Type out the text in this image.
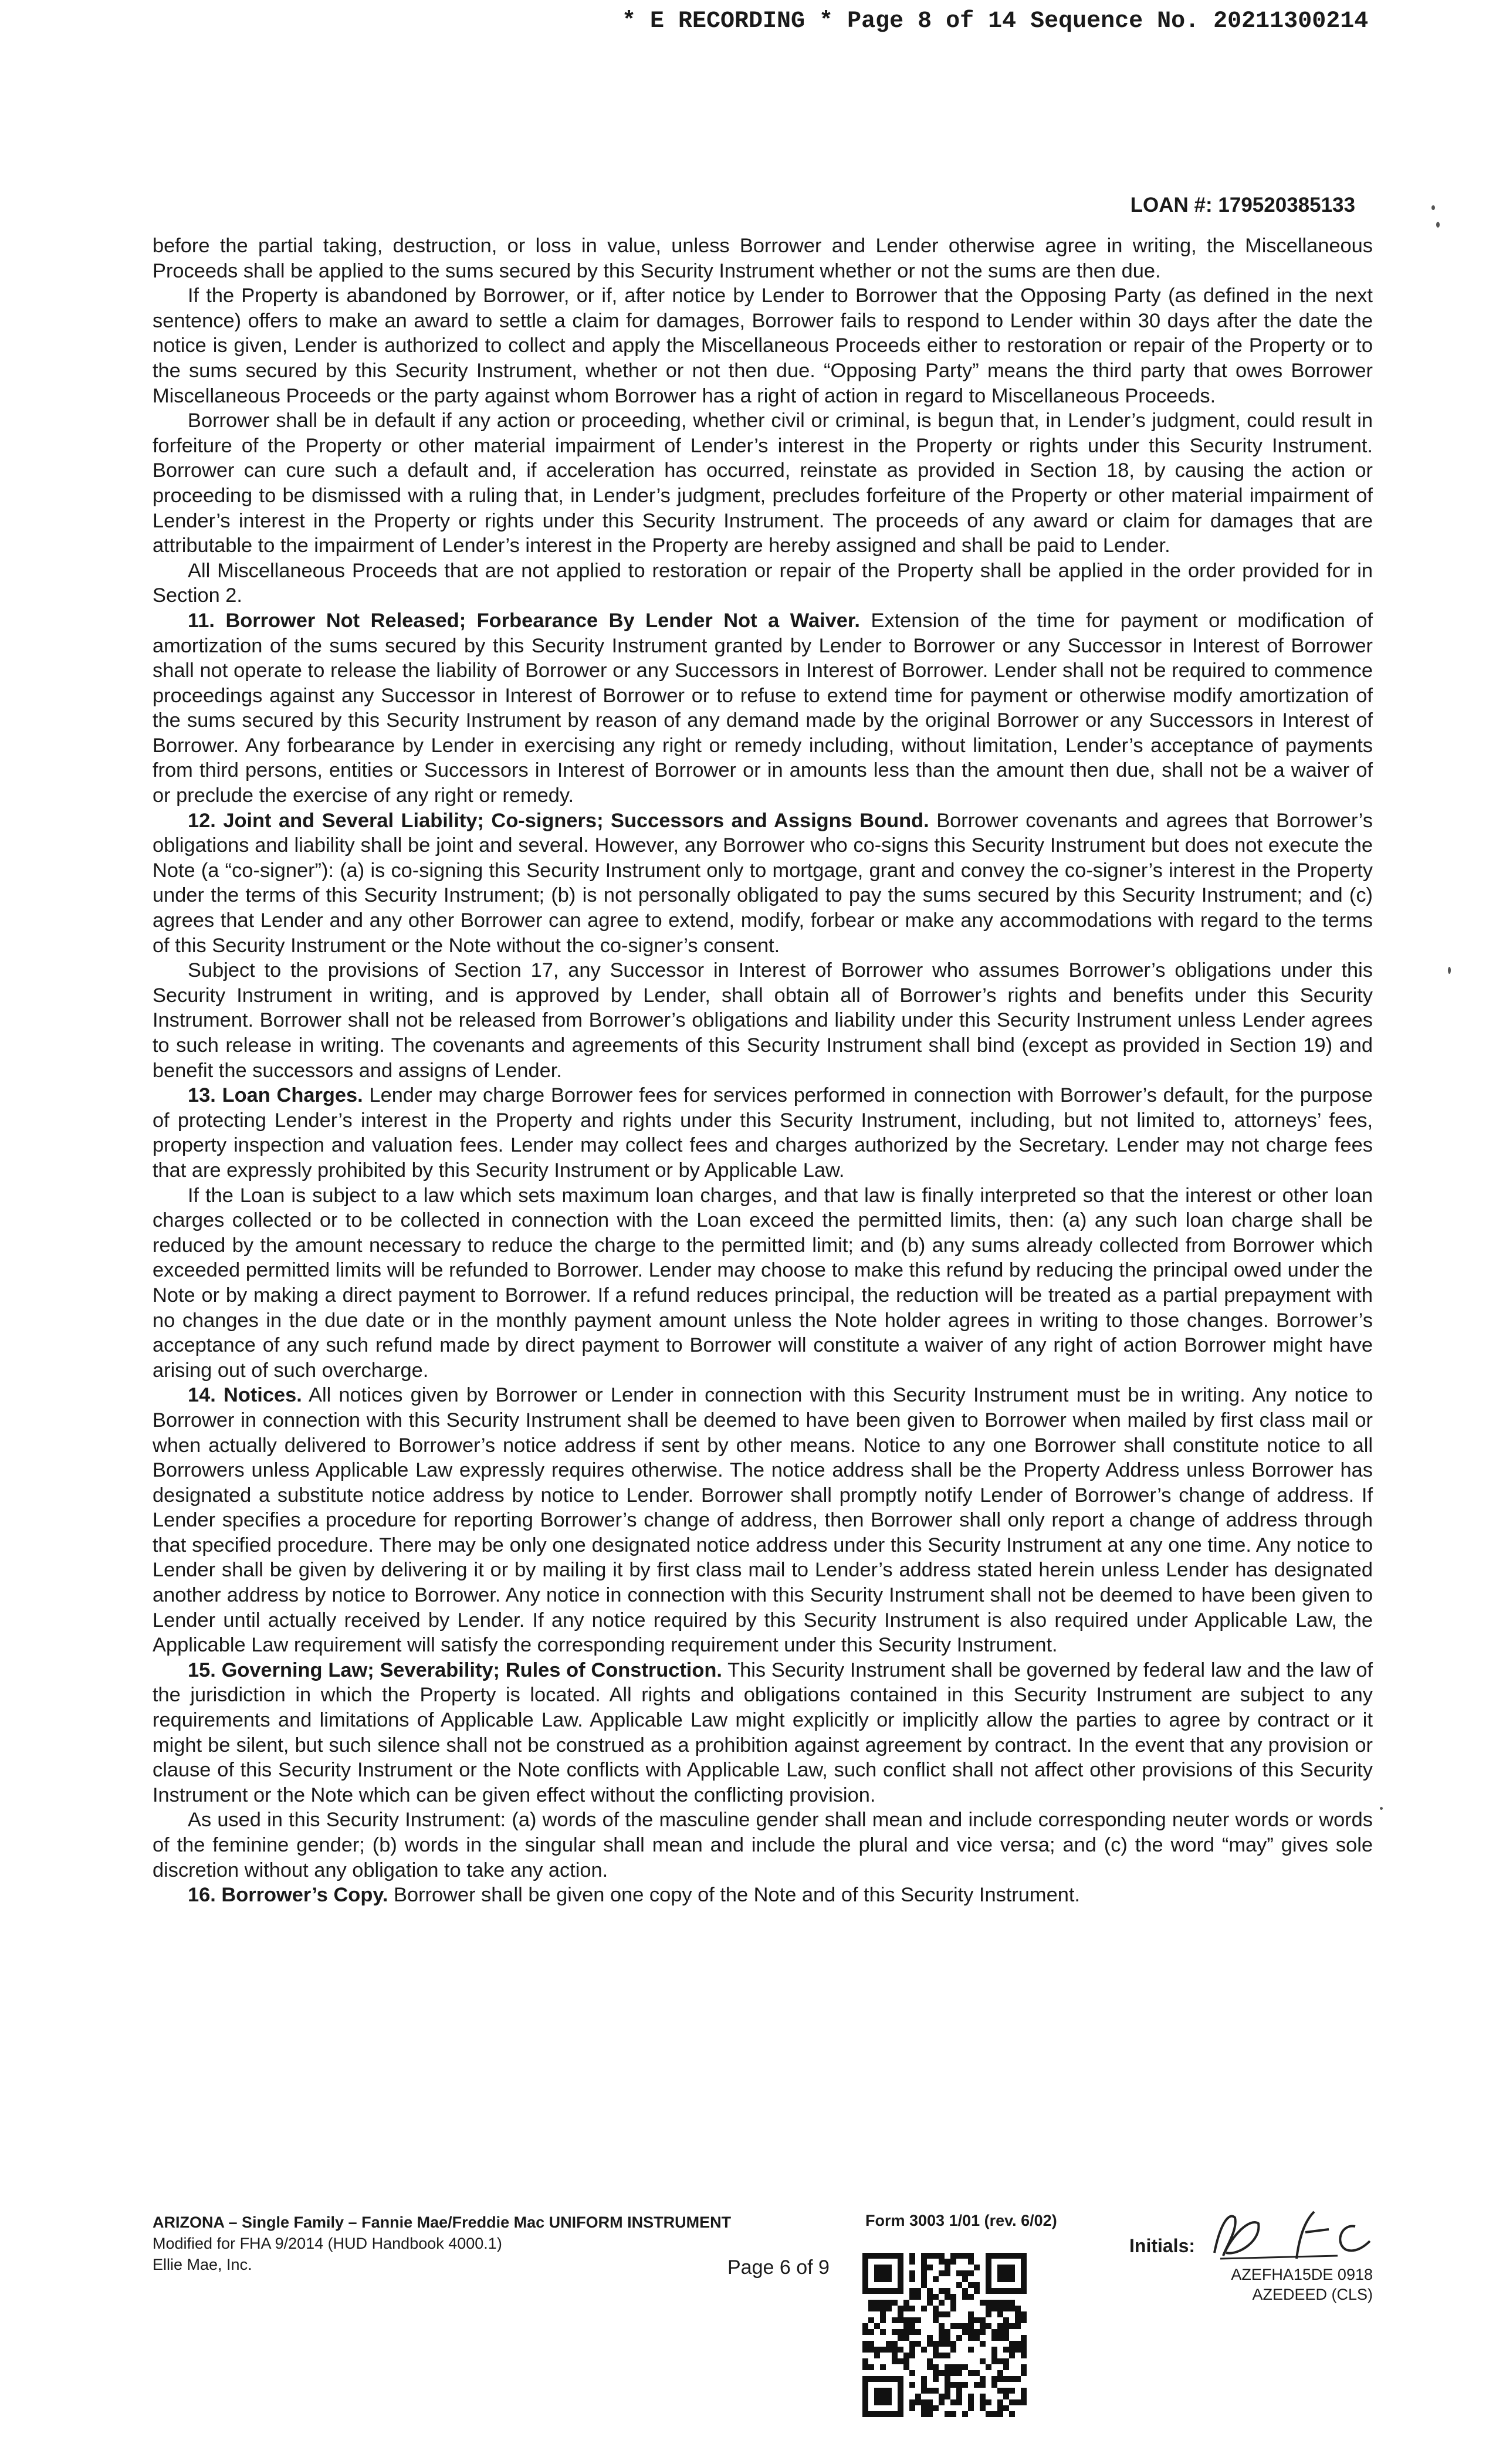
* E RECORDING * Page 8 of 14 Sequence No. 20211300214
LOAN #: 179520385133

before the partial taking, destruction, or loss in value, unless Borrower and Lender otherwise agree in writing, the Miscellaneous Proceeds shall be applied to the sums secured by this Security Instrument whether or not the sums are then due.

If the Property is abandoned by Borrower, or if, after notice by Lender to Borrower that the Opposing Party (as defined in the next sentence) offers to make an award to settle a claim for damages, Borrower fails to respond to Lender within 30 days after the date the notice is given, Lender is authorized to collect and apply the Miscellaneous Proceeds either to restoration or repair of the Property or to the sums secured by this Security Instrument, whether or not then due. “Opposing Party” means the third party that owes Borrower Miscellaneous Proceeds or the party against whom Borrower has a right of action in regard to Miscellaneous Proceeds.

Borrower shall be in default if any action or proceeding, whether civil or criminal, is begun that, in Lender’s judgment, could result in forfeiture of the Property or other material impairment of Lender’s interest in the Property or rights under this Security Instrument. Borrower can cure such a default and, if acceleration has occurred, reinstate as provided in Section 18, by causing the action or proceeding to be dismissed with a ruling that, in Lender’s judgment, precludes forfeiture of the Property or other material impairment of Lender’s interest in the Property or rights under this Security Instrument. The proceeds of any award or claim for damages that are attributable to the impairment of Lender’s interest in the Property are hereby assigned and shall be paid to Lender.

All Miscellaneous Proceeds that are not applied to restoration or repair of the Property shall be applied in the order provided for in Section 2.

11. Borrower Not Released; Forbearance By Lender Not a Waiver. Extension of the time for payment or modification of amortization of the sums secured by this Security Instrument granted by Lender to Borrower or any Successor in Interest of Borrower shall not operate to release the liability of Borrower or any Successors in Interest of Borrower. Lender shall not be required to commence proceedings against any Successor in Interest of Borrower or to refuse to extend time for payment or otherwise modify amortization of the sums secured by this Security Instrument by reason of any demand made by the original Borrower or any Successors in Interest of Borrower. Any forbearance by Lender in exercising any right or remedy including, without limitation, Lender’s acceptance of payments from third persons, entities or Successors in Interest of Borrower or in amounts less than the amount then due, shall not be a waiver of or preclude the exercise of any right or remedy.

12. Joint and Several Liability; Co-signers; Successors and Assigns Bound. Borrower covenants and agrees that Borrower’s obligations and liability shall be joint and several. However, any Borrower who co-signs this Security Instrument but does not execute the Note (a “co-signer”): (a) is co-signing this Security Instrument only to mortgage, grant and convey the co-signer’s interest in the Property under the terms of this Security Instrument; (b) is not personally obligated to pay the sums secured by this Security Instrument; and (c) agrees that Lender and any other Borrower can agree to extend, modify, forbear or make any accommodations with regard to the terms of this Security Instrument or the Note without the co-signer’s consent.

Subject to the provisions of Section 17, any Successor in Interest of Borrower who assumes Borrower’s obligations under this Security Instrument in writing, and is approved by Lender, shall obtain all of Borrower’s rights and benefits under this Security Instrument. Borrower shall not be released from Borrower’s obligations and liability under this Security Instrument unless Lender agrees to such release in writing. The covenants and agreements of this Security Instrument shall bind (except as provided in Section 19) and benefit the successors and assigns of Lender.

13. Loan Charges. Lender may charge Borrower fees for services performed in connection with Borrower’s default, for the purpose of protecting Lender’s interest in the Property and rights under this Security Instrument, including, but not limited to, attorneys’ fees, property inspection and valuation fees. Lender may collect fees and charges authorized by the Secretary. Lender may not charge fees that are expressly prohibited by this Security Instrument or by Applicable Law.

If the Loan is subject to a law which sets maximum loan charges, and that law is finally interpreted so that the interest or other loan charges collected or to be collected in connection with the Loan exceed the permitted limits, then: (a) any such loan charge shall be reduced by the amount necessary to reduce the charge to the permitted limit; and (b) any sums already collected from Borrower which exceeded permitted limits will be refunded to Borrower. Lender may choose to make this refund by reducing the principal owed under the Note or by making a direct payment to Borrower. If a refund reduces principal, the reduction will be treated as a partial prepayment with no changes in the due date or in the monthly payment amount unless the Note holder agrees in writing to those changes. Borrower’s acceptance of any such refund made by direct payment to Borrower will constitute a waiver of any right of action Borrower might have arising out of such overcharge.

14. Notices. All notices given by Borrower or Lender in connection with this Security Instrument must be in writing. Any notice to Borrower in connection with this Security Instrument shall be deemed to have been given to Borrower when mailed by first class mail or when actually delivered to Borrower’s notice address if sent by other means. Notice to any one Borrower shall constitute notice to all Borrowers unless Applicable Law expressly requires otherwise. The notice address shall be the Property Address unless Borrower has designated a substitute notice address by notice to Lender. Borrower shall promptly notify Lender of Borrower’s change of address. If Lender specifies a procedure for reporting Borrower’s change of address, then Borrower shall only report a change of address through that specified procedure. There may be only one designated notice address under this Security Instrument at any one time. Any notice to Lender shall be given by delivering it or by mailing it by first class mail to Lender’s address stated herein unless Lender has designated another address by notice to Borrower. Any notice in connection with this Security Instrument shall not be deemed to have been given to Lender until actually received by Lender. If any notice required by this Security Instrument is also required under Applicable Law, the Applicable Law requirement will satisfy the corresponding requirement under this Security Instrument.

15. Governing Law; Severability; Rules of Construction. This Security Instrument shall be governed by federal law and the law of the jurisdiction in which the Property is located. All rights and obligations contained in this Security Instrument are subject to any requirements and limitations of Applicable Law. Applicable Law might explicitly or implicitly allow the parties to agree by contract or it might be silent, but such silence shall not be construed as a prohibition against agreement by contract. In the event that any provision or clause of this Security Instrument or the Note conflicts with Applicable Law, such conflict shall not affect other provisions of this Security Instrument or the Note which can be given effect without the conflicting provision.

As used in this Security Instrument: (a) words of the masculine gender shall mean and include corresponding neuter words or words of the feminine gender; (b) words in the singular shall mean and include the plural and vice versa; and (c) the word “may” gives sole discretion without any obligation to take any action.

16. Borrower’s Copy. Borrower shall be given one copy of the Note and of this Security Instrument.

ARIZONA – Single Family – Fannie Mae/Freddie Mac UNIFORM INSTRUMENT
Modified for FHA 9/2014 (HUD Handbook 4000.1)
Ellie Mae, Inc.
Form 3003 1/01 (rev. 6/02)
Page 6 of 9
Initials:
AZEFHA15DE 0918
AZEDEED (CLS)
